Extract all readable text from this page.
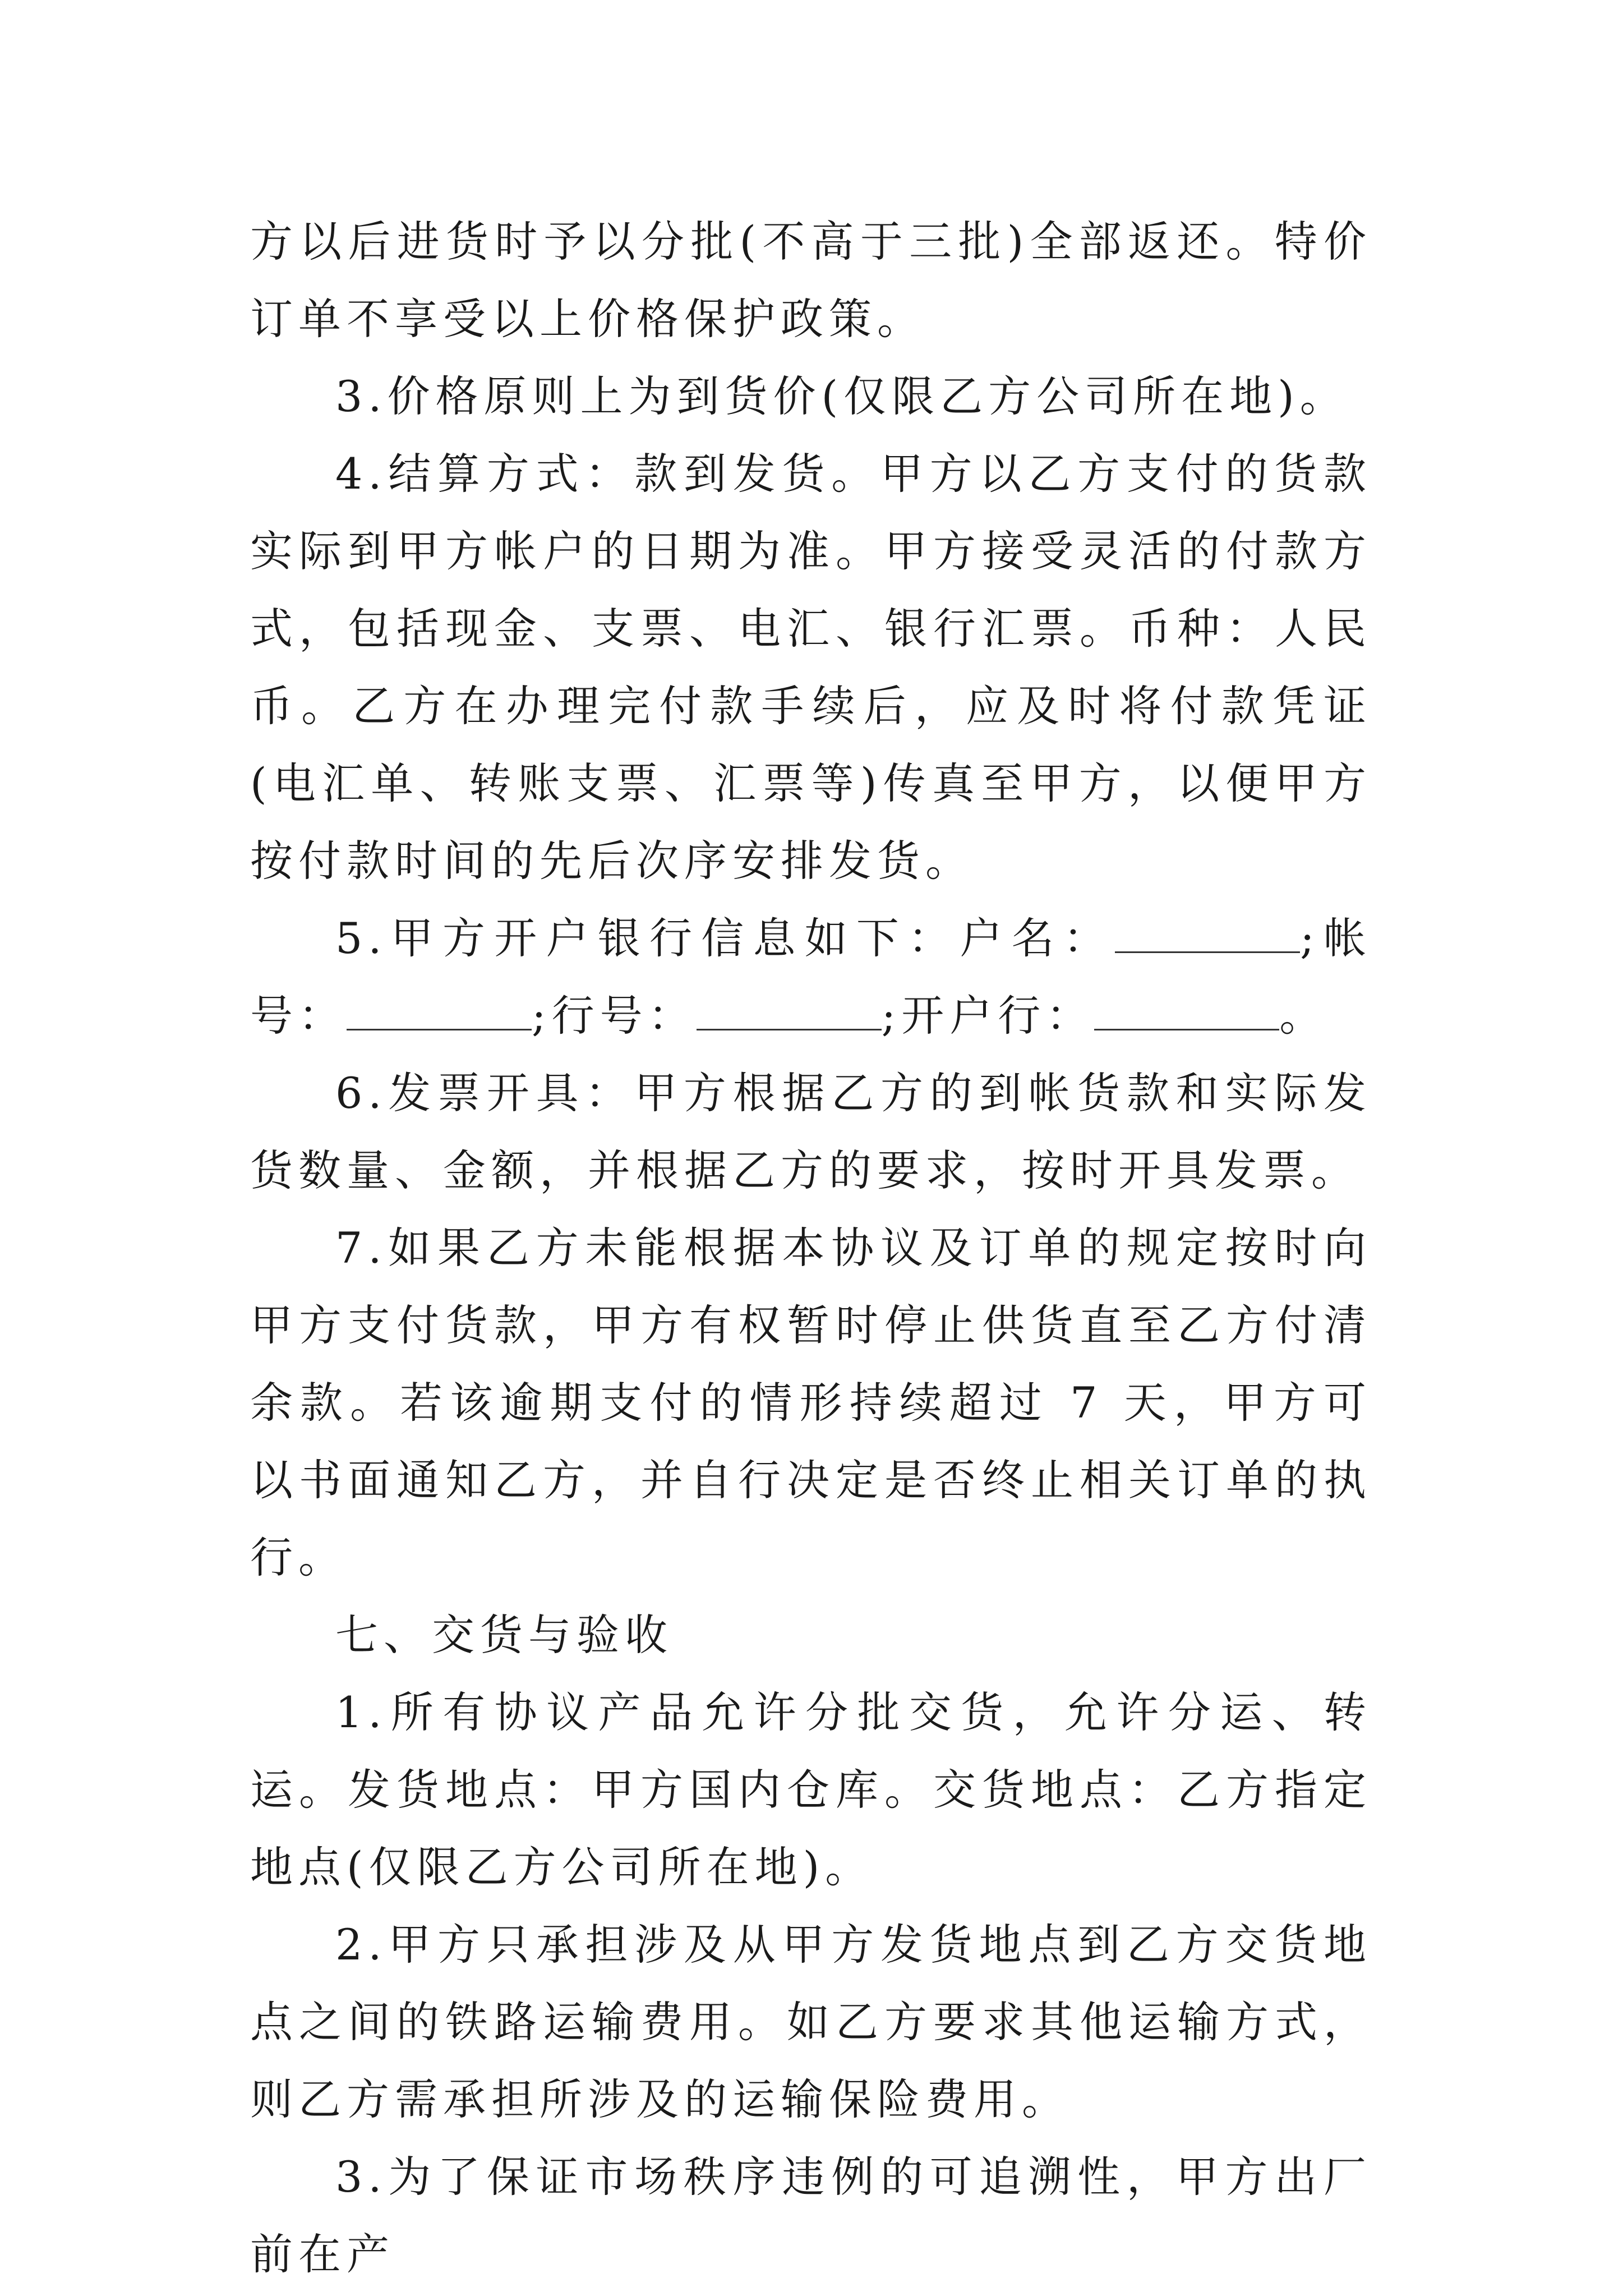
方以后进货时予以分批(不高于三批)全部返还。特价订单不享受以上价格保护政策。

3.价格原则上为到货价(仅限乙方公司所在地)。

4.结算方式：款到发货。甲方以乙方支付的货款实际到甲方帐户的日期为准。甲方接受灵活的付款方式，包括现金、支票、电汇、银行汇票。币种：人民币。乙方在办理完付款手续后，应及时将付款凭证(电汇单、转账支票、汇票等)传真至甲方，以便甲方按付款时间的先后次序安排发货。

5.甲方开户银行信息如下：户名：	;帐号：	;行号：	;开户行：	。

6.发票开具：甲方根据乙方的到帐货款和实际发货数量、金额，并根据乙方的要求，按时开具发票。

7.如果乙方未能根据本协议及订单的规定按时向甲方支付货款，甲方有权暂时停止供货直至乙方付清余款。若该逾期支付的情形持续超过 7 天，甲方可以书面通知乙方，并自行决定是否终止相关订单的执行。

七、交货与验收

1.所有协议产品允许分批交货，允许分运、转运。发货地点：甲方国内仓库。交货地点：乙方指定地点(仅限乙方公司所在地)。

2.甲方只承担涉及从甲方发货地点到乙方交货地点之间的铁路运输费用。如乙方要求其他运输方式，则乙方需承担所涉及的运输保险费用。

3.为了保证市场秩序违例的可追溯性，甲方出厂前在产
